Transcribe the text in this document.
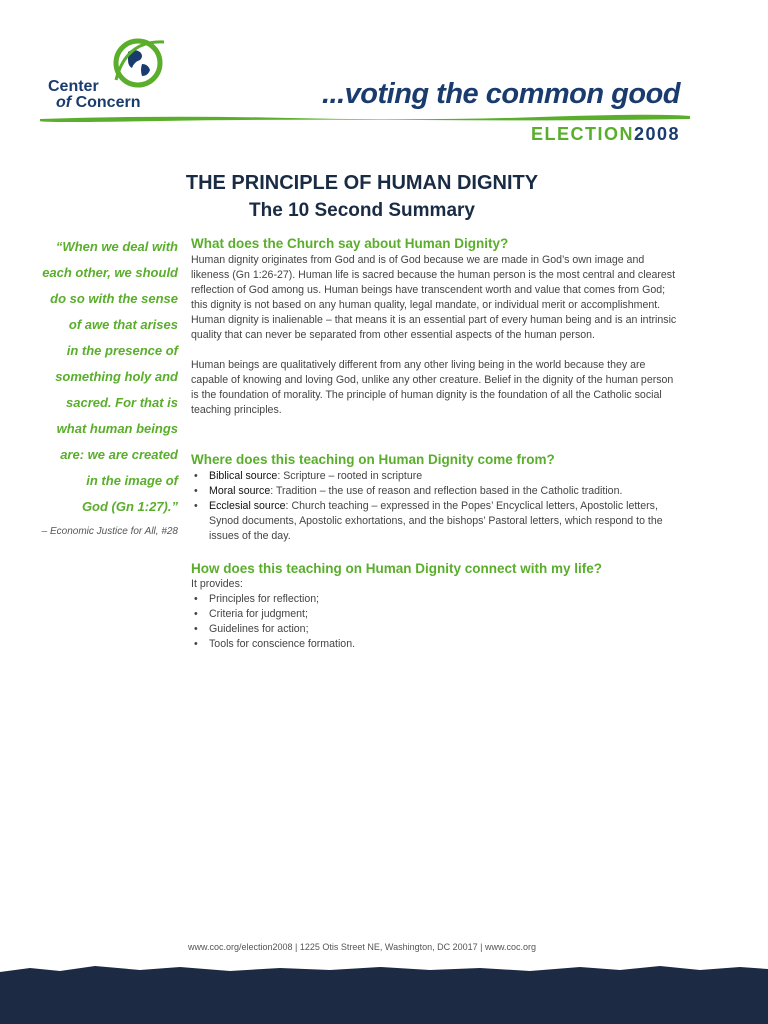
Center
of Concern	...voting the common good
ELECTION2008
THE PRINCIPLE OF HUMAN DIGNITY
The 10 Second Summary
“When we deal with
each other, we should
do so with the sense
of awe that arises
in the presence of
something holy and
sacred. For that is
what human beings
are: we are created
in the image of
God (Gn 1:27).”
– Economic Justice for All, #28
What does the Church say about Human Dignity?

Human dignity originates from God and is of God because we are made in God’s own image and likeness (Gn 1:26-27). Human life is sacred because the human person is the most central and clearest reflection of God among us. Human beings have transcendent worth and value that comes from God; this dignity is not based on any human quality, legal mandate, or individual merit or accomplishment. Human dignity is inalienable – that means it is an essential part of every human being and is an intrinsic quality that can never be separated from other essential aspects of the human person.

Human beings are qualitatively different from any other living being in the world because they are capable of knowing and loving God, unlike any other creature. Belief in the dignity of the human person is the foundation of morality. The principle of human dignity is the foundation of all the Catholic social teaching principles.

Where does this teaching on Human Dignity come from?
• Biblical source: Scripture – rooted in scripture
• Moral source: Tradition – the use of reason and reflection based in the Catholic tradition.
• Ecclesial source: Church teaching – expressed in the Popes’ Encyclical letters, Apostolic letters, Synod documents, Apostolic exhortations, and the bishops’ Pastoral letters, which respond to the issues of the day.
How does this teaching on Human Dignity connect with my life?

It provides:

• Principles for reflection;
• Criteria for judgment;
• Guidelines for action;
• Tools for conscience formation.
www.coc.org/election2008 | 1225 Otis Street NE, Washington, DC 20017 | www.coc.org
